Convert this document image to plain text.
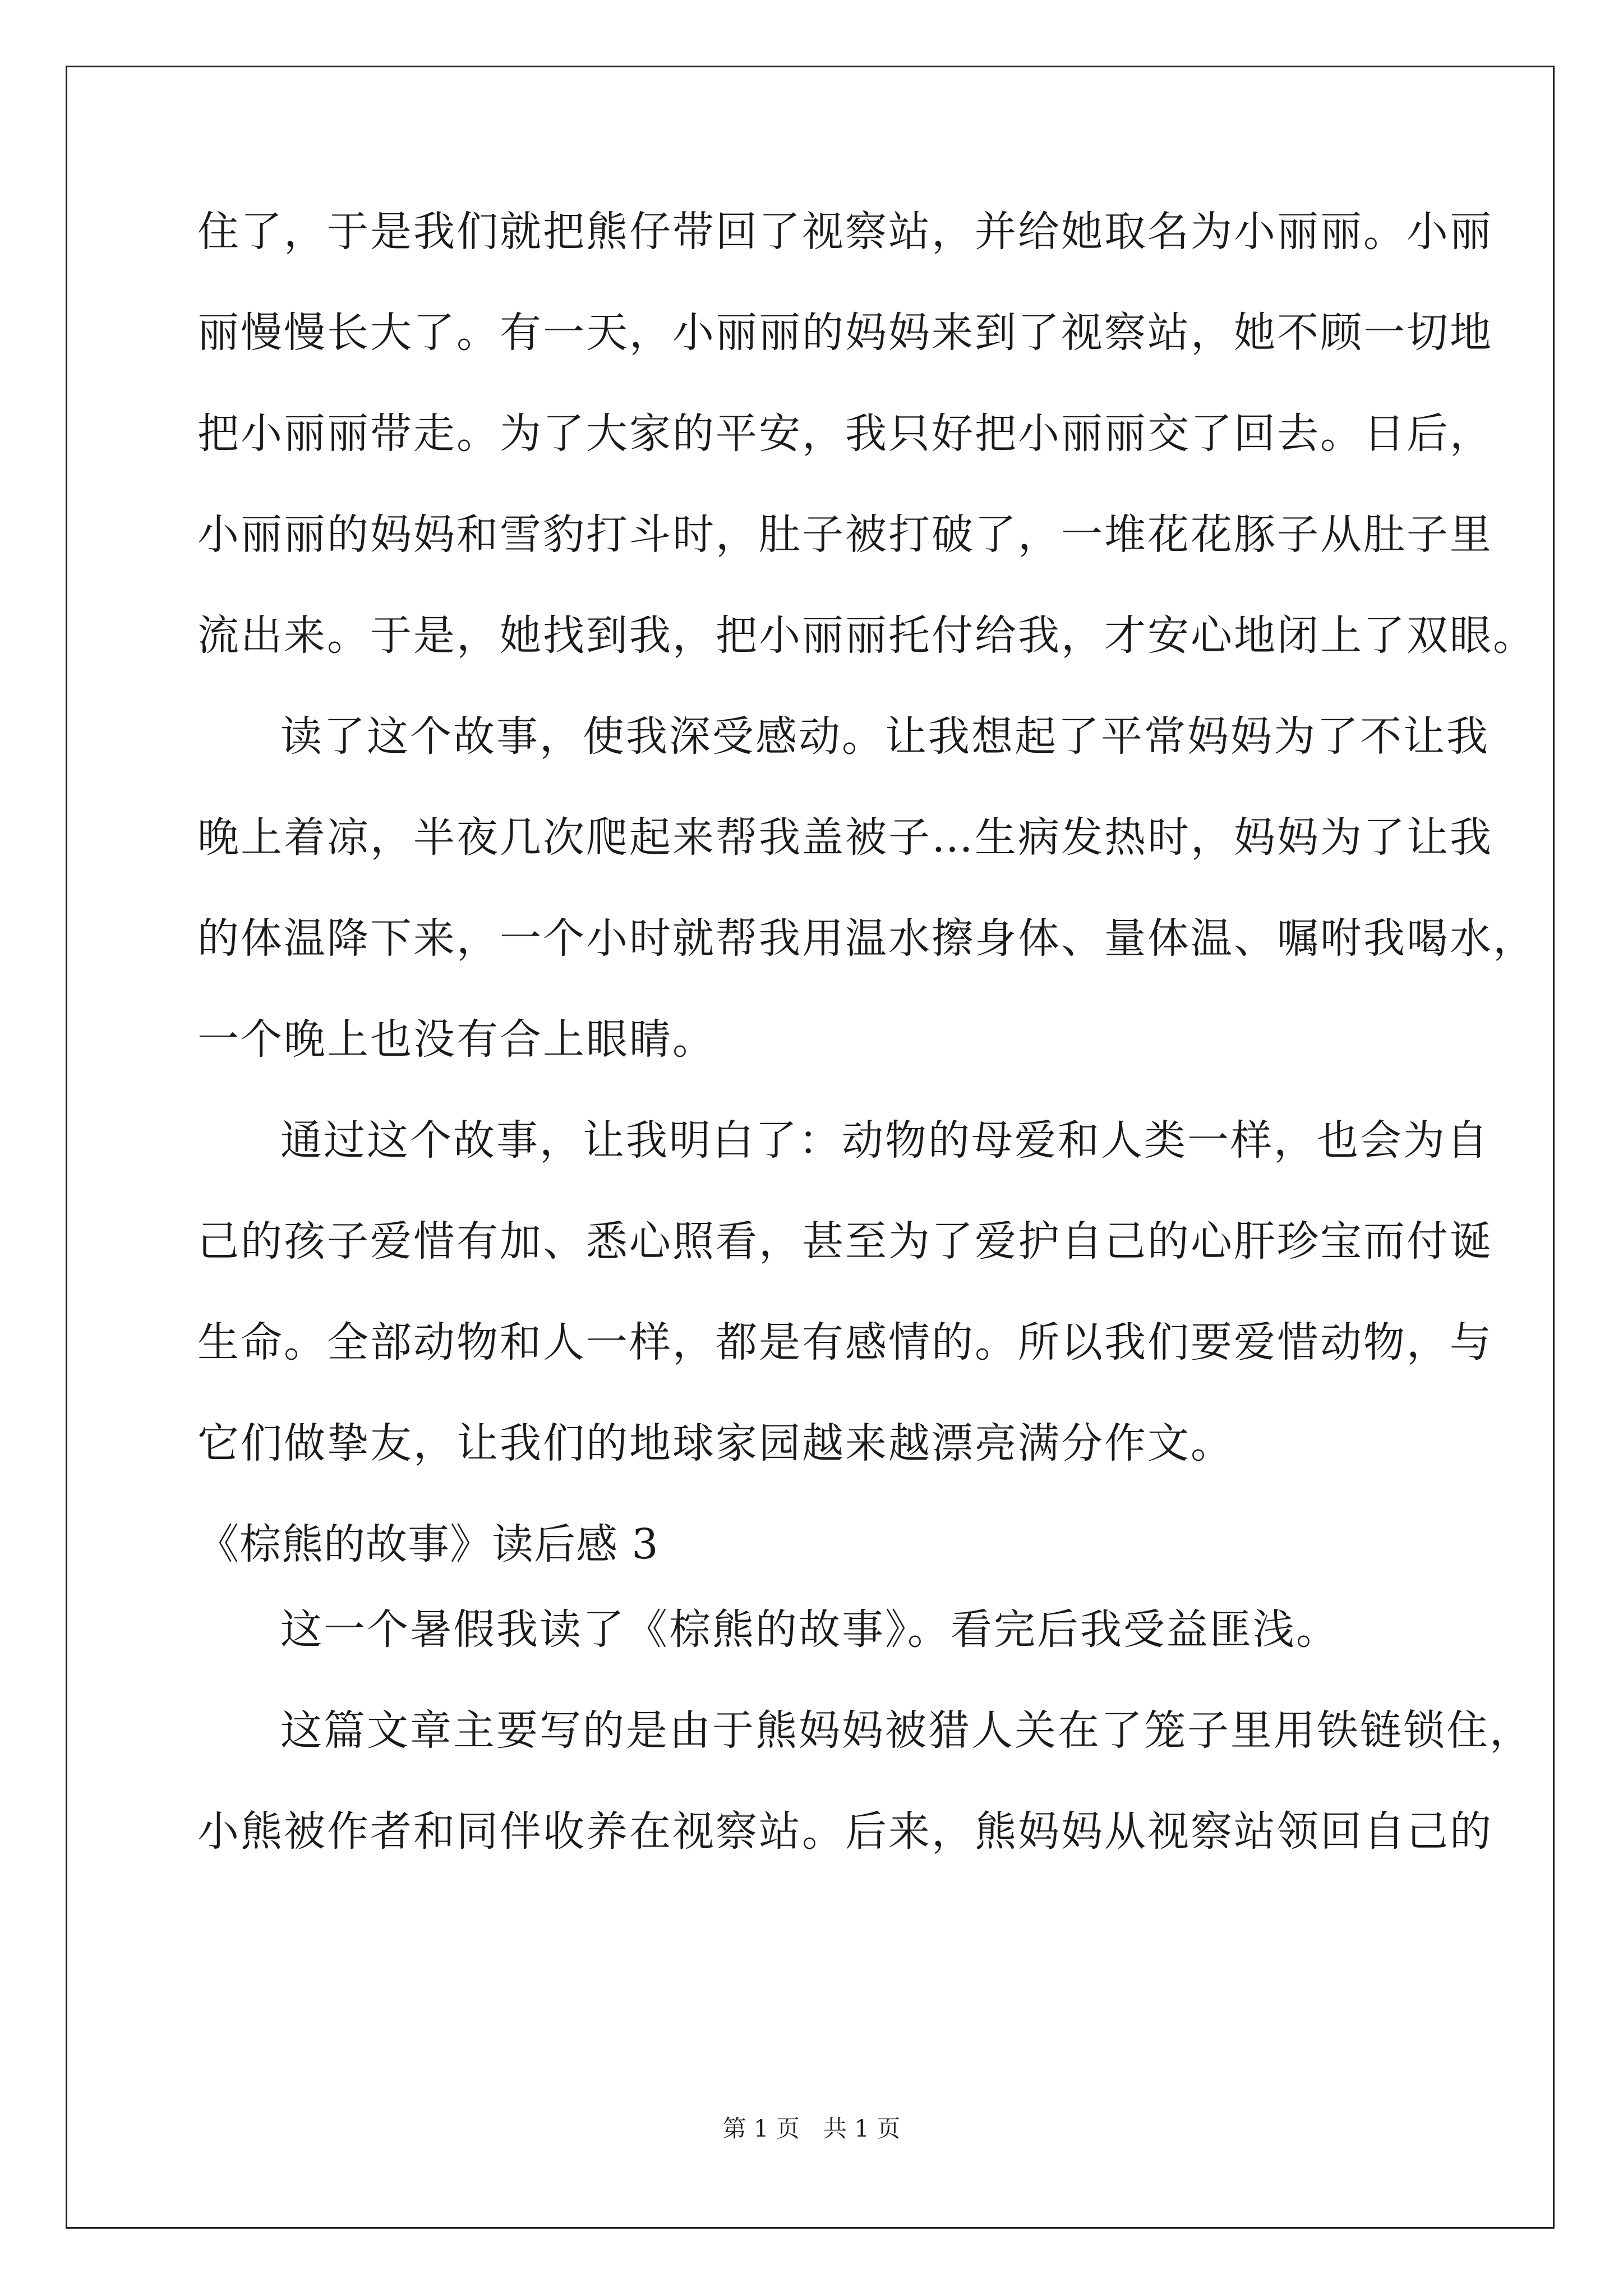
住了，于是我们就把熊仔带回了视察站，并给她取名为小丽丽。小丽
丽慢慢长大了。有一天，小丽丽的妈妈来到了视察站，她不顾一切地
把小丽丽带走。为了大家的平安，我只好把小丽丽交了回去。日后，
小丽丽的妈妈和雪豹打斗时，肚子被打破了，一堆花花豚子从肚子里
流出来。于是，她找到我，把小丽丽托付给我，才安心地闭上了双眼。
读了这个故事，使我深受感动。让我想起了平常妈妈为了不让我
晚上着凉，半夜几次爬起来帮我盖被子…生病发热时，妈妈为了让我
的体温降下来，一个小时就帮我用温水擦身体、量体温、嘱咐我喝水，
一个晚上也没有合上眼睛。
通过这个故事，让我明白了：动物的母爱和人类一样，也会为自
己的孩子爱惜有加、悉心照看，甚至为了爱护自己的心肝珍宝而付诞
生命。全部动物和人一样，都是有感情的。所以我们要爱惜动物，与
它们做挚友，让我们的地球家园越来越漂亮满分作文。
《棕熊的故事》读后感 3
这一个暑假我读了《棕熊的故事》。看完后我受益匪浅。
这篇文章主要写的是由于熊妈妈被猎人关在了笼子里用铁链锁住，
小熊被作者和同伴收养在视察站。后来，熊妈妈从视察站领回自己的
第 1 页　共 1 页
